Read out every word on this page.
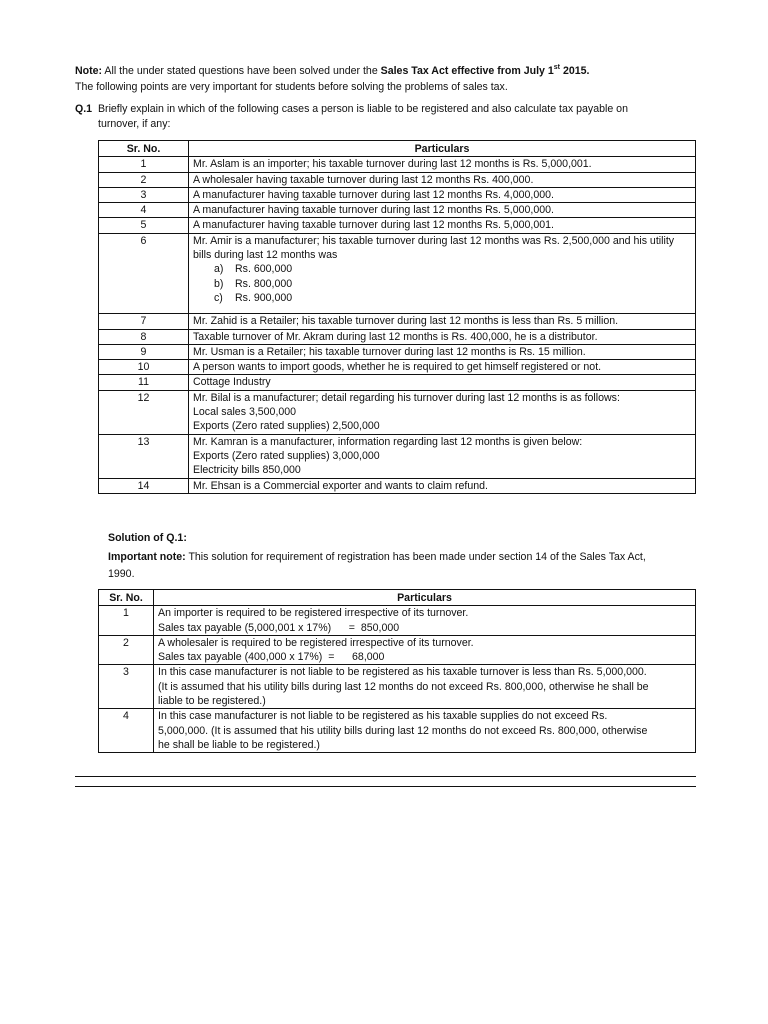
Note: All the under stated questions have been solved under the Sales Tax Act effective from July 1st 2015.
The following points are very important for students before solving the problems of sales tax.
Q.1 Briefly explain in which of the following cases a person is liable to be registered and also calculate tax payable on
turnover, if any:
Sr. No.	Particulars
1	Mr. Aslam is an importer; his taxable turnover during last 12 months is Rs. 5,000,001.

2	A wholesaler having taxable turnover during last 12 months Rs. 400,000.

3	A manufacturer having taxable turnover during last 12 months Rs. 4,000,000.

4	A manufacturer having taxable turnover during last 12 months Rs. 5,000,000.

5	A manufacturer having taxable turnover during last 12 months Rs. 5,000,001.

6	Mr. Amir is a manufacturer; his taxable turnover during last 12 months was Rs. 2,500,000 and his utility
bills during last 12 months was
a) Rs. 600,000
b) Rs. 800,000
c) Rs. 900,000

7	Mr. Zahid is a Retailer; his taxable turnover during last 12 months is less than Rs. 5 million.

8	Taxable turnover of Mr. Akram during last 12 months is Rs. 400,000, he is a distributor.

9	Mr. Usman is a Retailer; his taxable turnover during last 12 months is Rs. 15 million.

10	A person wants to import goods, whether he is required to get himself registered or not.

11	Cottage Industry

12	Mr. Bilal is a manufacturer; detail regarding his turnover during last 12 months is as follows:
Local sales 3,500,000
Exports (Zero rated supplies) 2,500,000

13	Mr. Kamran is a manufacturer, information regarding last 12 months is given below:
Exports (Zero rated supplies) 3,000,000
Electricity bills 850,000

14	Mr. Ehsan is a Commercial exporter and wants to claim refund.
Solution of Q.1:
Important note: This solution for requirement of registration has been made under section 14 of the Sales Tax Act,
1990.
Sr. No.	Particulars
1	An importer is required to be registered irrespective of its turnover.
Sales tax payable (5,000,001 x 17%)      =  850,000

2	A wholesaler is required to be registered irrespective of its turnover.
Sales tax payable (400,000 x 17%)  =      68,000

3	In this case manufacturer is not liable to be registered as his taxable turnover is less than Rs. 5,000,000.
(It is assumed that his utility bills during last 12 months do not exceed Rs. 800,000, otherwise he shall be
liable to be registered.)

4	In this case manufacturer is not liable to be registered as his taxable supplies do not exceed Rs.
5,000,000. (It is assumed that his utility bills during last 12 months do not exceed Rs. 800,000, otherwise
he shall be liable to be registered.)
